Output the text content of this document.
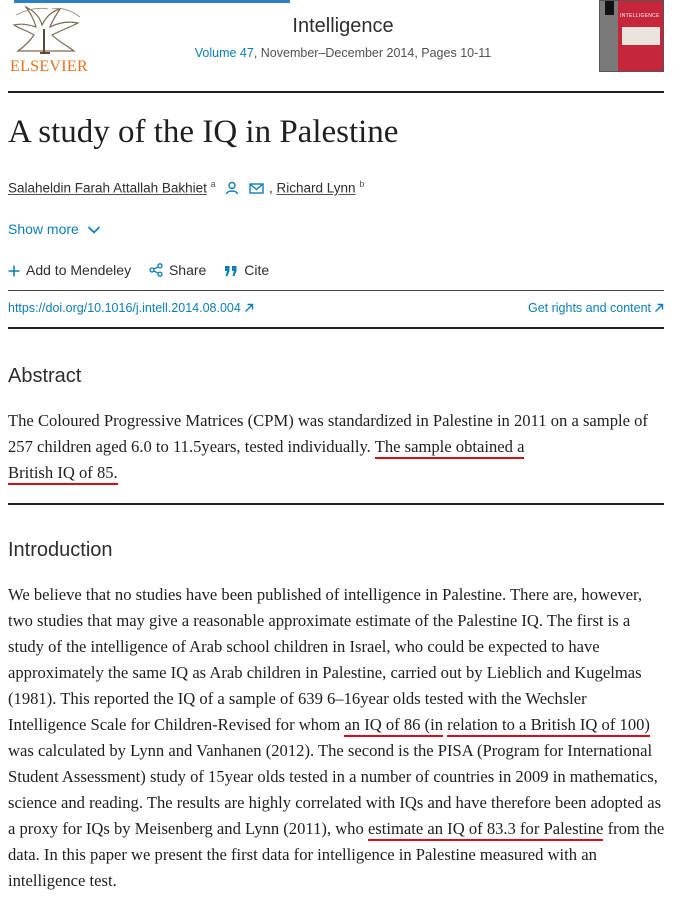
ELSEVIER
Intelligence
Volume 47, November–December 2014, Pages 10-11
INTELLIGENCE
A study of the IQ in Palestine
Salaheldin Farah Attallah Bakhiet $^a$	, Richard Lynn $^b$
Show more
Add to Mendeley	Share	Cite
https://doi.org/10.1016/j.intell.2014.08.004	Get rights and content
Abstract
The Coloured Progressive Matrices (CPM) was standardized in Palestine in 2011 on a sample of 257 children aged 6.0 to 11.5years, tested individually. The sample obtained a
British IQ of 85.
Introduction
We believe that no studies have been published of intelligence in Palestine. There are, however, two studies that may give a reasonable approximate estimate of the Palestine IQ. The first is a study of the intelligence of Arab school children in Israel, who could be expected to have approximately the same IQ as Arab children in Palestine, carried out by Lieblich and Kugelmas (1981). This reported the IQ of a sample of 639 6–16year olds tested with the Wechsler Intelligence Scale for Children-Revised for whom an IQ of 86 (in relation to a British IQ of 100) was calculated by Lynn and Vanhanen (2012). The second is the PISA (Program for International Student Assessment) study of 15year olds tested in a number of countries in 2009 in mathematics, science and reading. The results are highly correlated with IQs and have therefore been adopted as a proxy for IQs by Meisenberg and Lynn (2011), who estimate an IQ of 83.3 for Palestine from the data. In this paper we present the first data for intelligence in Palestine measured with an intelligence test.
